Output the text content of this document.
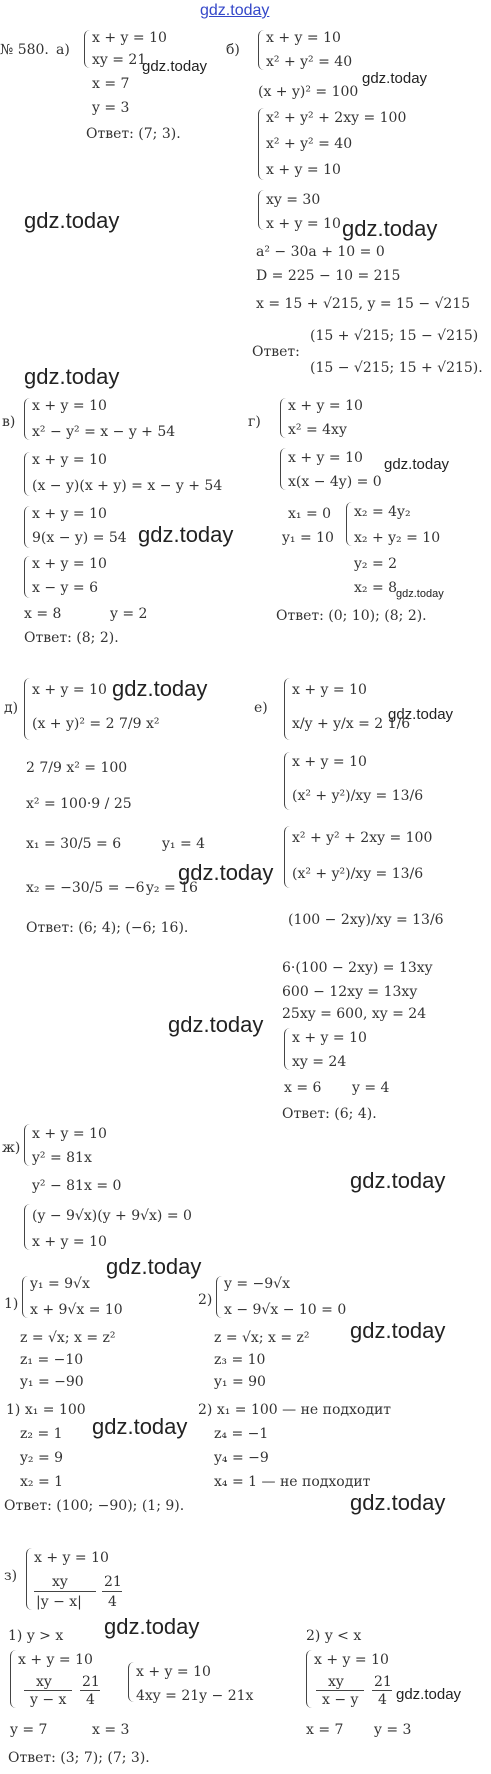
gdz.today
№ 580. а)
x + y = 10
xy = 21
x = 7
y = 3
Ответ: (7; 3).
gdz.today
б)
x + y = 10
x² + y² = 40
(x + y)² = 100
gdz.today
x² + y² + 2xy = 100
x² + y² = 40
x + y = 10
xy = 30
x + y = 10 gdz.today
a² − 30a + 10 = 0
D = 225 − 10 = 215
x = 15 + √215, y = 15 − √215
Ответ:
(15 + √215; 15 − √215)
(15 − √215; 15 + √215).
gdz.today
gdz.today
в)
x + y = 10
x² − y² = x − y + 54
x + y = 10
(x − y)(x + y) = x − y + 54
x + y = 10
9(x − y) = 54 gdz.today
x + y = 10
x − y = 6
x = 8	y = 2
Ответ: (8; 2).
г)
x + y = 10
x² = 4xy
x + y = 10
x(x − 4y) = 0
gdz.today
x₁ = 0
y₁ = 10
x₂ = 4y₂
x₂ + y₂ = 10
y₂ = 2
x₂ = 8
gdz.today
Ответ: (0; 10); (8; 2).
д)
x + y = 10 gdz.today
(x + y)² = 2 7/9 x²
2 7/9 x² = 100
x² = 100·9 / 25
x₁ = 30/5 = 6	y₁ = 4
gdz.today
x₂ = −30/5 = −6 y₂ = 16
Ответ: (6; 4); (−6; 16).
е)
x + y = 10
x/y + y/x = 2 1/6
gdz.today
x + y = 10
(x² + y²)/xy = 13/6
x² + y² + 2xy = 100
(x² + y²)/xy = 13/6
(100 − 2xy)/xy = 13/6
6·(100 − 2xy) = 13xy
600 − 12xy = 13xy
25xy = 600, xy = 24
x + y = 10
xy = 24
x = 6 y = 4
Ответ: (6; 4).
gdz.today
ж)
x + y = 10
y² = 81x
y² − 81x = 0
(y − 9√x)(y + 9√x) = 0
x + y = 10
gdz.today
gdz.today
1)
y₁ = 9√x
x + 9√x = 10
z = √x; x = z²
z₁ = −10
y₁ = −90
2)
y = −9√x
x − 9√x − 10 = 0
z = √x; x = z²
z₃ = 10
y₁ = 90
gdz.today
1) x₁ = 100
z₂ = 1
y₂ = 9
x₂ = 1
gdz.today
2) x₁ = 100 — не подходит
z₄ = −1
y₄ = −9
x₄ = 1 — не подходит
Ответ: (100; −90); (1; 9).	gdz.today
з)
x + y = 10
xy
|y − x|
21
4
1) y > x gdz.today
x + y = 10
xy
y − x
21
4
x + y = 10
4xy = 21y − 21x
y = 7	x = 3
2) y < x
x + y = 10
xy
x − y
21
4 gdz.today
x = 7 y = 3
Ответ: (3; 7); (7; 3).
